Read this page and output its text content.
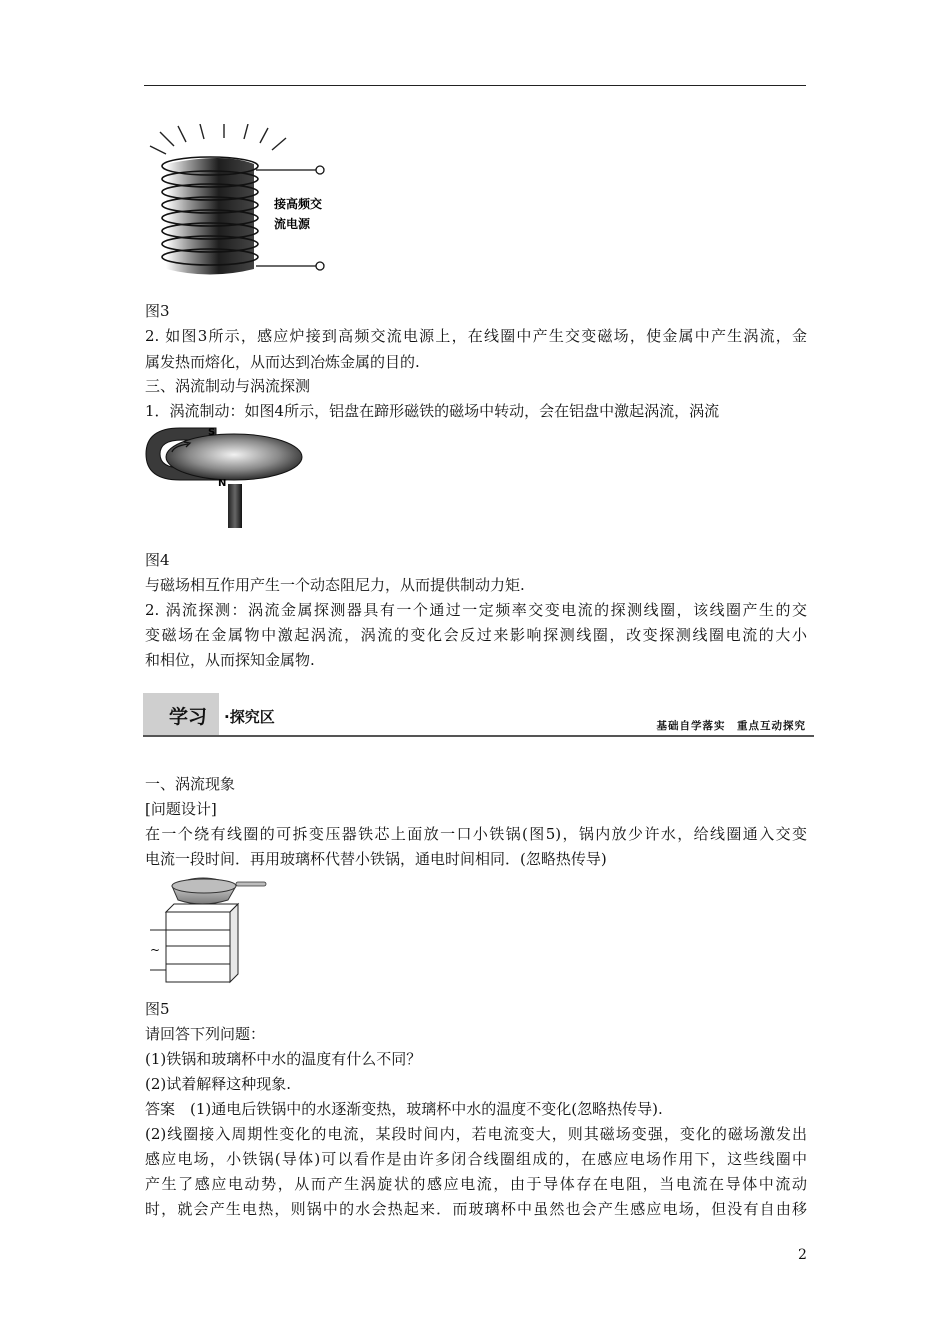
接高频交
流电源
图3
2. 如图3所示，感应炉接到高频交流电源上，在线圈中产生交变磁场，使金属中产生涡流，金
属发热而熔化，从而达到冶炼金属的目的.
三、涡流制动与涡流探测
1．涡流制动：如图4所示，铝盘在蹄形磁铁的磁场中转动，会在铝盘中激起涡流，涡流
S
N
图4
与磁场相互作用产生一个动态阻尼力，从而提供制动力矩.
2. 涡流探测：涡流金属探测器具有一个通过一定频率交变电流的探测线圈，该线圈产生的交
变磁场在金属物中激起涡流，涡流的变化会反过来影响探测线圈，改变探测线圈电流的大小
和相位，从而探知金属物.
学习 ·探究区	基础自学落实　重点互动探究
一、涡流现象
[问题设计]
在一个绕有线圈的可拆变压器铁芯上面放一口小铁锅(图5)，锅内放少许水，给线圈通入交变
电流一段时间．再用玻璃杯代替小铁锅，通电时间相同．(忽略热传导)
~
图5
请回答下列问题：
(1)铁锅和玻璃杯中水的温度有什么不同？
(2)试着解释这种现象.
答案　(1)通电后铁锅中的水逐渐变热，玻璃杯中水的温度不变化(忽略热传导).
(2)线圈接入周期性变化的电流，某段时间内，若电流变大，则其磁场变强，变化的磁场激发出
感应电场，小铁锅(导体)可以看作是由许多闭合线圈组成的，在感应电场作用下，这些线圈中
产生了感应电动势，从而产生涡旋状的感应电流，由于导体存在电阻，当电流在导体中流动
时，就会产生电热，则锅中的水会热起来．而玻璃杯中虽然也会产生感应电场，但没有自由移
2
